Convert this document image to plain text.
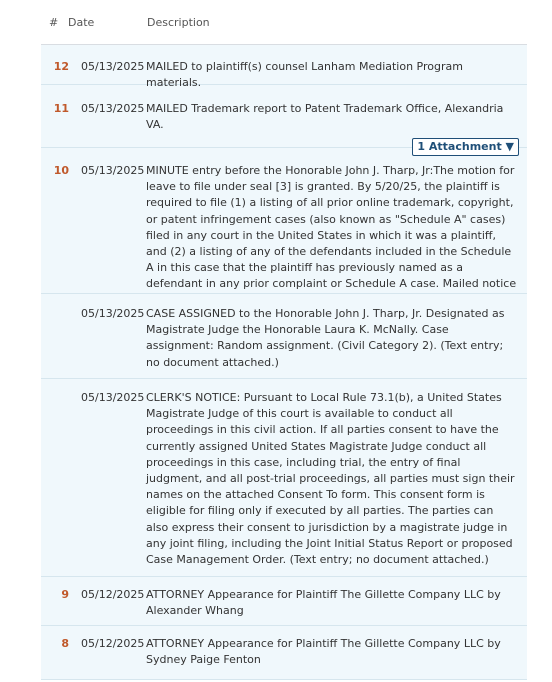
# Date	Description
12	05/13/2025 MAILED to plaintiff(s) counsel Lanham Mediation Program materials.
11	05/13/2025 MAILED Trademark report to Patent Trademark Office, Alexandria VA.
1 Attachment ▼
10	05/13/2025 MINUTE entry before the Honorable John J. Tharp, Jr:The motion for leave to file under seal [3] is granted. By 5/20/25, the plaintiff is required to file (1) a listing of all prior online trademark, copyright, or patent infringement cases (also known as "Schedule A" cases) filed in any court in the United States in which it was a plaintiff, and (2) a listing of any of the defendants included in the Schedule A in this case that the plaintiff has previously named as a defendant in any prior complaint or Schedule A case. Mailed notice
05/13/2025 CASE ASSIGNED to the Honorable John J. Tharp, Jr. Designated as Magistrate Judge the Honorable Laura K. McNally. Case assignment: Random assignment. (Civil Category 2). (Text entry; no document attached.)
05/13/2025 CLERK'S NOTICE: Pursuant to Local Rule 73.1(b), a United States Magistrate Judge of this court is available to conduct all proceedings in this civil action. If all parties consent to have the currently assigned United States Magistrate Judge conduct all proceedings in this case, including trial, the entry of final judgment, and all post-trial proceedings, all parties must sign their names on the attached Consent To form. This consent form is eligible for filing only if executed by all parties. The parties can also express their consent to jurisdiction by a magistrate judge in any joint filing, including the Joint Initial Status Report or proposed Case Management Order. (Text entry; no document attached.)
9	05/12/2025 ATTORNEY Appearance for Plaintiff The Gillette Company LLC by Alexander Whang
8	05/12/2025 ATTORNEY Appearance for Plaintiff The Gillette Company LLC by Sydney Paige Fenton
